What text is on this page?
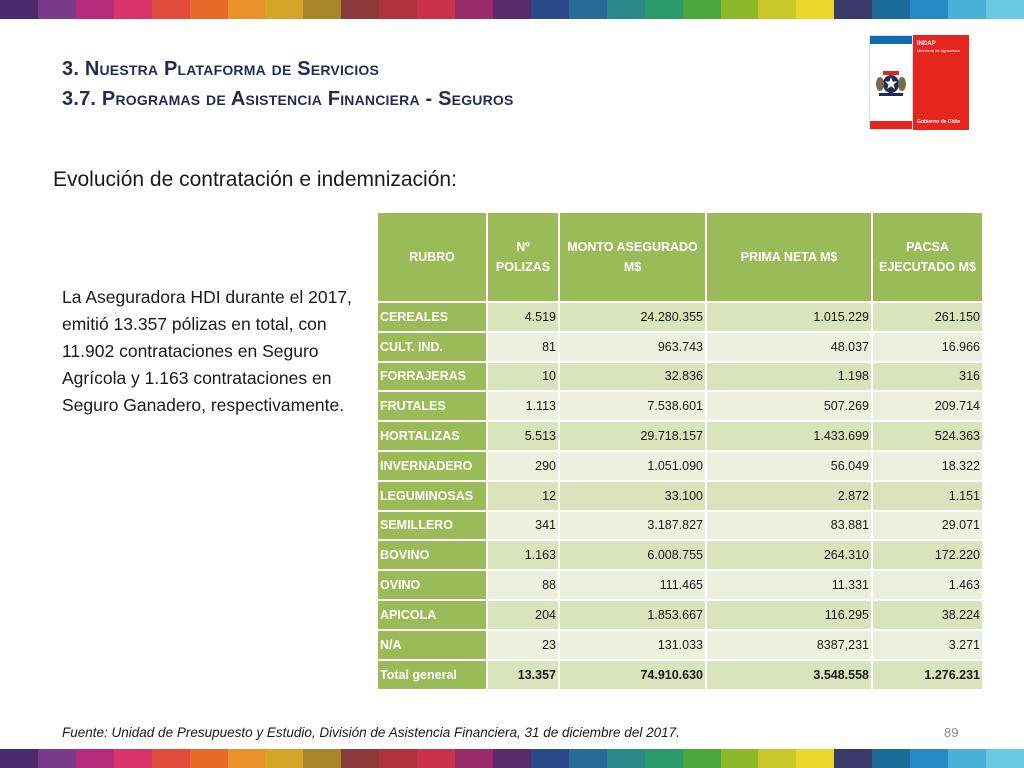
3. Nuestra Plataforma de Servicios
3.7. Programas de Asistencia Financiera - Seguros
INDAP
Ministerio de Agricultura
Gobierno de Chile
Evolución de contratación e indemnización:
La Aseguradora HDI durante el 2017, emitió 13.357 pólizas en total, con 11.902 contrataciones en Seguro Agrícola y 1.163 contrataciones en Seguro Ganadero, respectivamente.
RUBRO	Nº POLIZAS	MONTO ASEGURADO M$	PRIMA NETA M$	PACSA EJECUTADO M$
CEREALES	4.519	24.280.355	1.015.229	261.150
CULT. IND.	81	963.743	48.037	16.966
FORRAJERAS	10	32.836	1.198	316
FRUTALES	1.113	7.538.601	507.269	209.714
HORTALIZAS	5.513	29.718.157	1.433.699	524.363
INVERNADERO	290	1.051.090	56.049	18.322
LEGUMINOSAS	12	33.100	2.872	1.151
SEMILLERO	341	3.187.827	83.881	29.071
BOVINO	1.163	6.008.755	264.310	172.220
OVINO	88	111.465	11.331	1.463
APICOLA	204	1.853.667	116.295	38.224
N/A	23	131.033	8387,231	3.271
Total general	13.357	74.910.630	3.548.558	1.276.231
Fuente: Unidad de Presupuesto y Estudio, División de Asistencia Financiera, 31 de diciembre del 2017.	89
